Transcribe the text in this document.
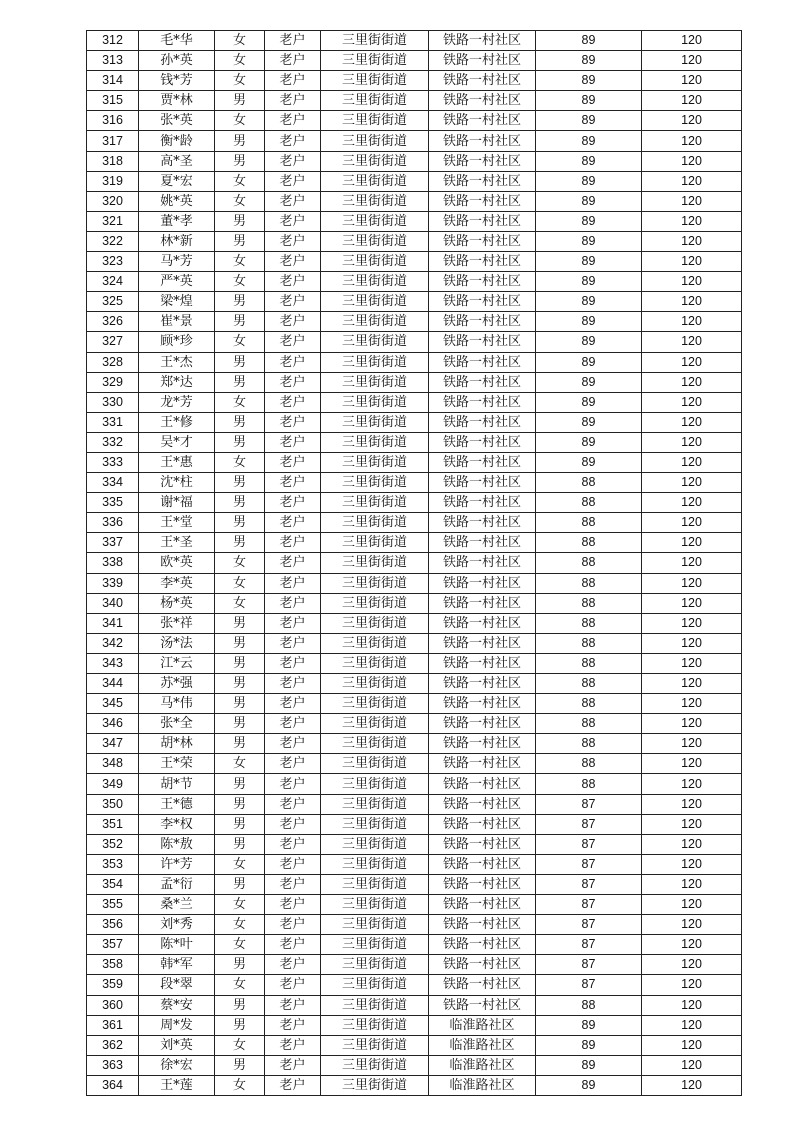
312	毛*华	女	老户	三里街街道	铁路一村社区	89	120
313	孙*英	女	老户	三里街街道	铁路一村社区	89	120
314	钱*芳	女	老户	三里街街道	铁路一村社区	89	120
315	贾*林	男	老户	三里街街道	铁路一村社区	89	120
316	张*英	女	老户	三里街街道	铁路一村社区	89	120
317	衡*龄	男	老户	三里街街道	铁路一村社区	89	120
318	高*圣	男	老户	三里街街道	铁路一村社区	89	120
319	夏*宏	女	老户	三里街街道	铁路一村社区	89	120
320	姚*英	女	老户	三里街街道	铁路一村社区	89	120
321	董*孝	男	老户	三里街街道	铁路一村社区	89	120
322	林*新	男	老户	三里街街道	铁路一村社区	89	120
323	马*芳	女	老户	三里街街道	铁路一村社区	89	120
324	严*英	女	老户	三里街街道	铁路一村社区	89	120
325	梁*煌	男	老户	三里街街道	铁路一村社区	89	120
326	崔*景	男	老户	三里街街道	铁路一村社区	89	120
327	顾*珍	女	老户	三里街街道	铁路一村社区	89	120
328	王*杰	男	老户	三里街街道	铁路一村社区	89	120
329	郑*达	男	老户	三里街街道	铁路一村社区	89	120
330	龙*芳	女	老户	三里街街道	铁路一村社区	89	120
331	王*修	男	老户	三里街街道	铁路一村社区	89	120
332	吴*才	男	老户	三里街街道	铁路一村社区	89	120
333	王*惠	女	老户	三里街街道	铁路一村社区	89	120
334	沈*柱	男	老户	三里街街道	铁路一村社区	88	120
335	谢*福	男	老户	三里街街道	铁路一村社区	88	120
336	王*堂	男	老户	三里街街道	铁路一村社区	88	120
337	王*圣	男	老户	三里街街道	铁路一村社区	88	120
338	欧*英	女	老户	三里街街道	铁路一村社区	88	120
339	李*英	女	老户	三里街街道	铁路一村社区	88	120
340	杨*英	女	老户	三里街街道	铁路一村社区	88	120
341	张*祥	男	老户	三里街街道	铁路一村社区	88	120
342	汤*法	男	老户	三里街街道	铁路一村社区	88	120
343	江*云	男	老户	三里街街道	铁路一村社区	88	120
344	苏*强	男	老户	三里街街道	铁路一村社区	88	120
345	马*伟	男	老户	三里街街道	铁路一村社区	88	120
346	张*全	男	老户	三里街街道	铁路一村社区	88	120
347	胡*林	男	老户	三里街街道	铁路一村社区	88	120
348	王*荣	女	老户	三里街街道	铁路一村社区	88	120
349	胡*节	男	老户	三里街街道	铁路一村社区	88	120
350	王*德	男	老户	三里街街道	铁路一村社区	87	120
351	李*权	男	老户	三里街街道	铁路一村社区	87	120
352	陈*敖	男	老户	三里街街道	铁路一村社区	87	120
353	许*芳	女	老户	三里街街道	铁路一村社区	87	120
354	孟*衍	男	老户	三里街街道	铁路一村社区	87	120
355	桑*兰	女	老户	三里街街道	铁路一村社区	87	120
356	刘*秀	女	老户	三里街街道	铁路一村社区	87	120
357	陈*叶	女	老户	三里街街道	铁路一村社区	87	120
358	韩*军	男	老户	三里街街道	铁路一村社区	87	120
359	段*翠	女	老户	三里街街道	铁路一村社区	87	120
360	蔡*安	男	老户	三里街街道	铁路一村社区	88	120
361	周*发	男	老户	三里街街道	临淮路社区	89	120
362	刘*英	女	老户	三里街街道	临淮路社区	89	120
363	徐*宏	男	老户	三里街街道	临淮路社区	89	120
364	王*莲	女	老户	三里街街道	临淮路社区	89	120
